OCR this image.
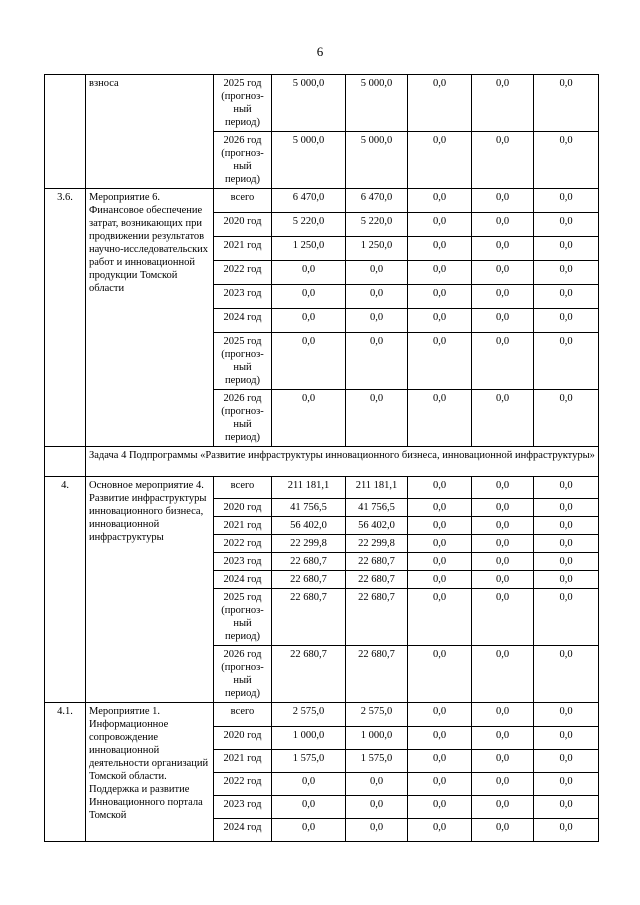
6
	взноса	2025 год (прогноз-ный период)	5 000,0	5 000,0	0,0	0,0	0,0
		2026 год (прогноз-ный период)	5 000,0	5 000,0	0,0	0,0	0,0
3.6.	Мероприятие 6. Финансовое обеспечение затрат, возникающих при продвижении результатов научно-исследовательских работ и инновационной продукции Томской области	всего	6 470,0	6 470,0	0,0	0,0	0,0
		2020 год	5 220,0	5 220,0	0,0	0,0	0,0
		2021 год	1 250,0	1 250,0	0,0	0,0	0,0
		2022 год	0,0	0,0	0,0	0,0	0,0
		2023 год	0,0	0,0	0,0	0,0	0,0
		2024 год	0,0	0,0	0,0	0,0	0,0
		2025 год (прогноз-ный период)	0,0	0,0	0,0	0,0	0,0
		2026 год (прогноз-ный период)	0,0	0,0	0,0	0,0	0,0
	Задача 4 Подпрограммы «Развитие инфраструктуры инновационного бизнеса, инновационной инфраструктуры»						
4.	Основное мероприятие 4. Развитие инфраструктуры инновационного бизнеса, инновационной инфраструктуры	всего	211 181,1	211 181,1	0,0	0,0	0,0
		2020 год	41 756,5	41 756,5	0,0	0,0	0,0
		2021 год	56 402,0	56 402,0	0,0	0,0	0,0
		2022 год	22 299,8	22 299,8	0,0	0,0	0,0
		2023 год	22 680,7	22 680,7	0,0	0,0	0,0
		2024 год	22 680,7	22 680,7	0,0	0,0	0,0
		2025 год (прогноз-ный период)	22 680,7	22 680,7	0,0	0,0	0,0
		2026 год (прогноз-ный период)	22 680,7	22 680,7	0,0	0,0	0,0
4.1.	Мероприятие 1. Информационное сопровождение инновационной деятельности организаций Томской области. Поддержка и развитие Инновационного портала Томской	всего	2 575,0	2 575,0	0,0	0,0	0,0
		2020 год	1 000,0	1 000,0	0,0	0,0	0,0
		2021 год	1 575,0	1 575,0	0,0	0,0	0,0
		2022 год	0,0	0,0	0,0	0,0	0,0
		2023 год	0,0	0,0	0,0	0,0	0,0
		2024 год	0,0	0,0	0,0	0,0	0,0
